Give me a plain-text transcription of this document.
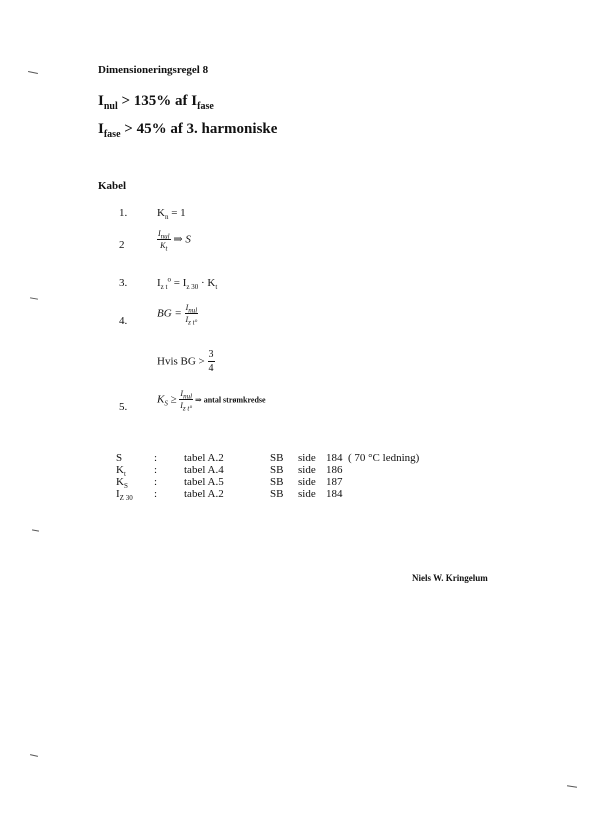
Dimensioneringsregel 8
$I_{nul} > 135\%$ af $I_{fase}$
$I_{fase} > 45\%$ af 3. harmoniske
Kabel
1.	$K_n = 1$
2	$\frac{I_{nul}}{K_t}$ ⇒ S
3.	$I_{z t}^o = I_{z 30} \cdot K_t$
4.
BG = $\frac{I_{nul}}{I_{z t^\circ}}$
Hvis BG > $\frac{3}{4}$
5.
$K_S \ge \frac{I_{nul}}{I_{z t^\circ}}$ ⇒ antal strømkredse
S	:	tabel A.2	SB	side	184	( 70 °C ledning)
$K_t$	:	tabel A.4	SB	side	186	
$K_S$	:	tabel A.5	SB	side	187	
$I_{Z 30}$	:	tabel A.2	SB	side	184	
Niels W. Kringelum
